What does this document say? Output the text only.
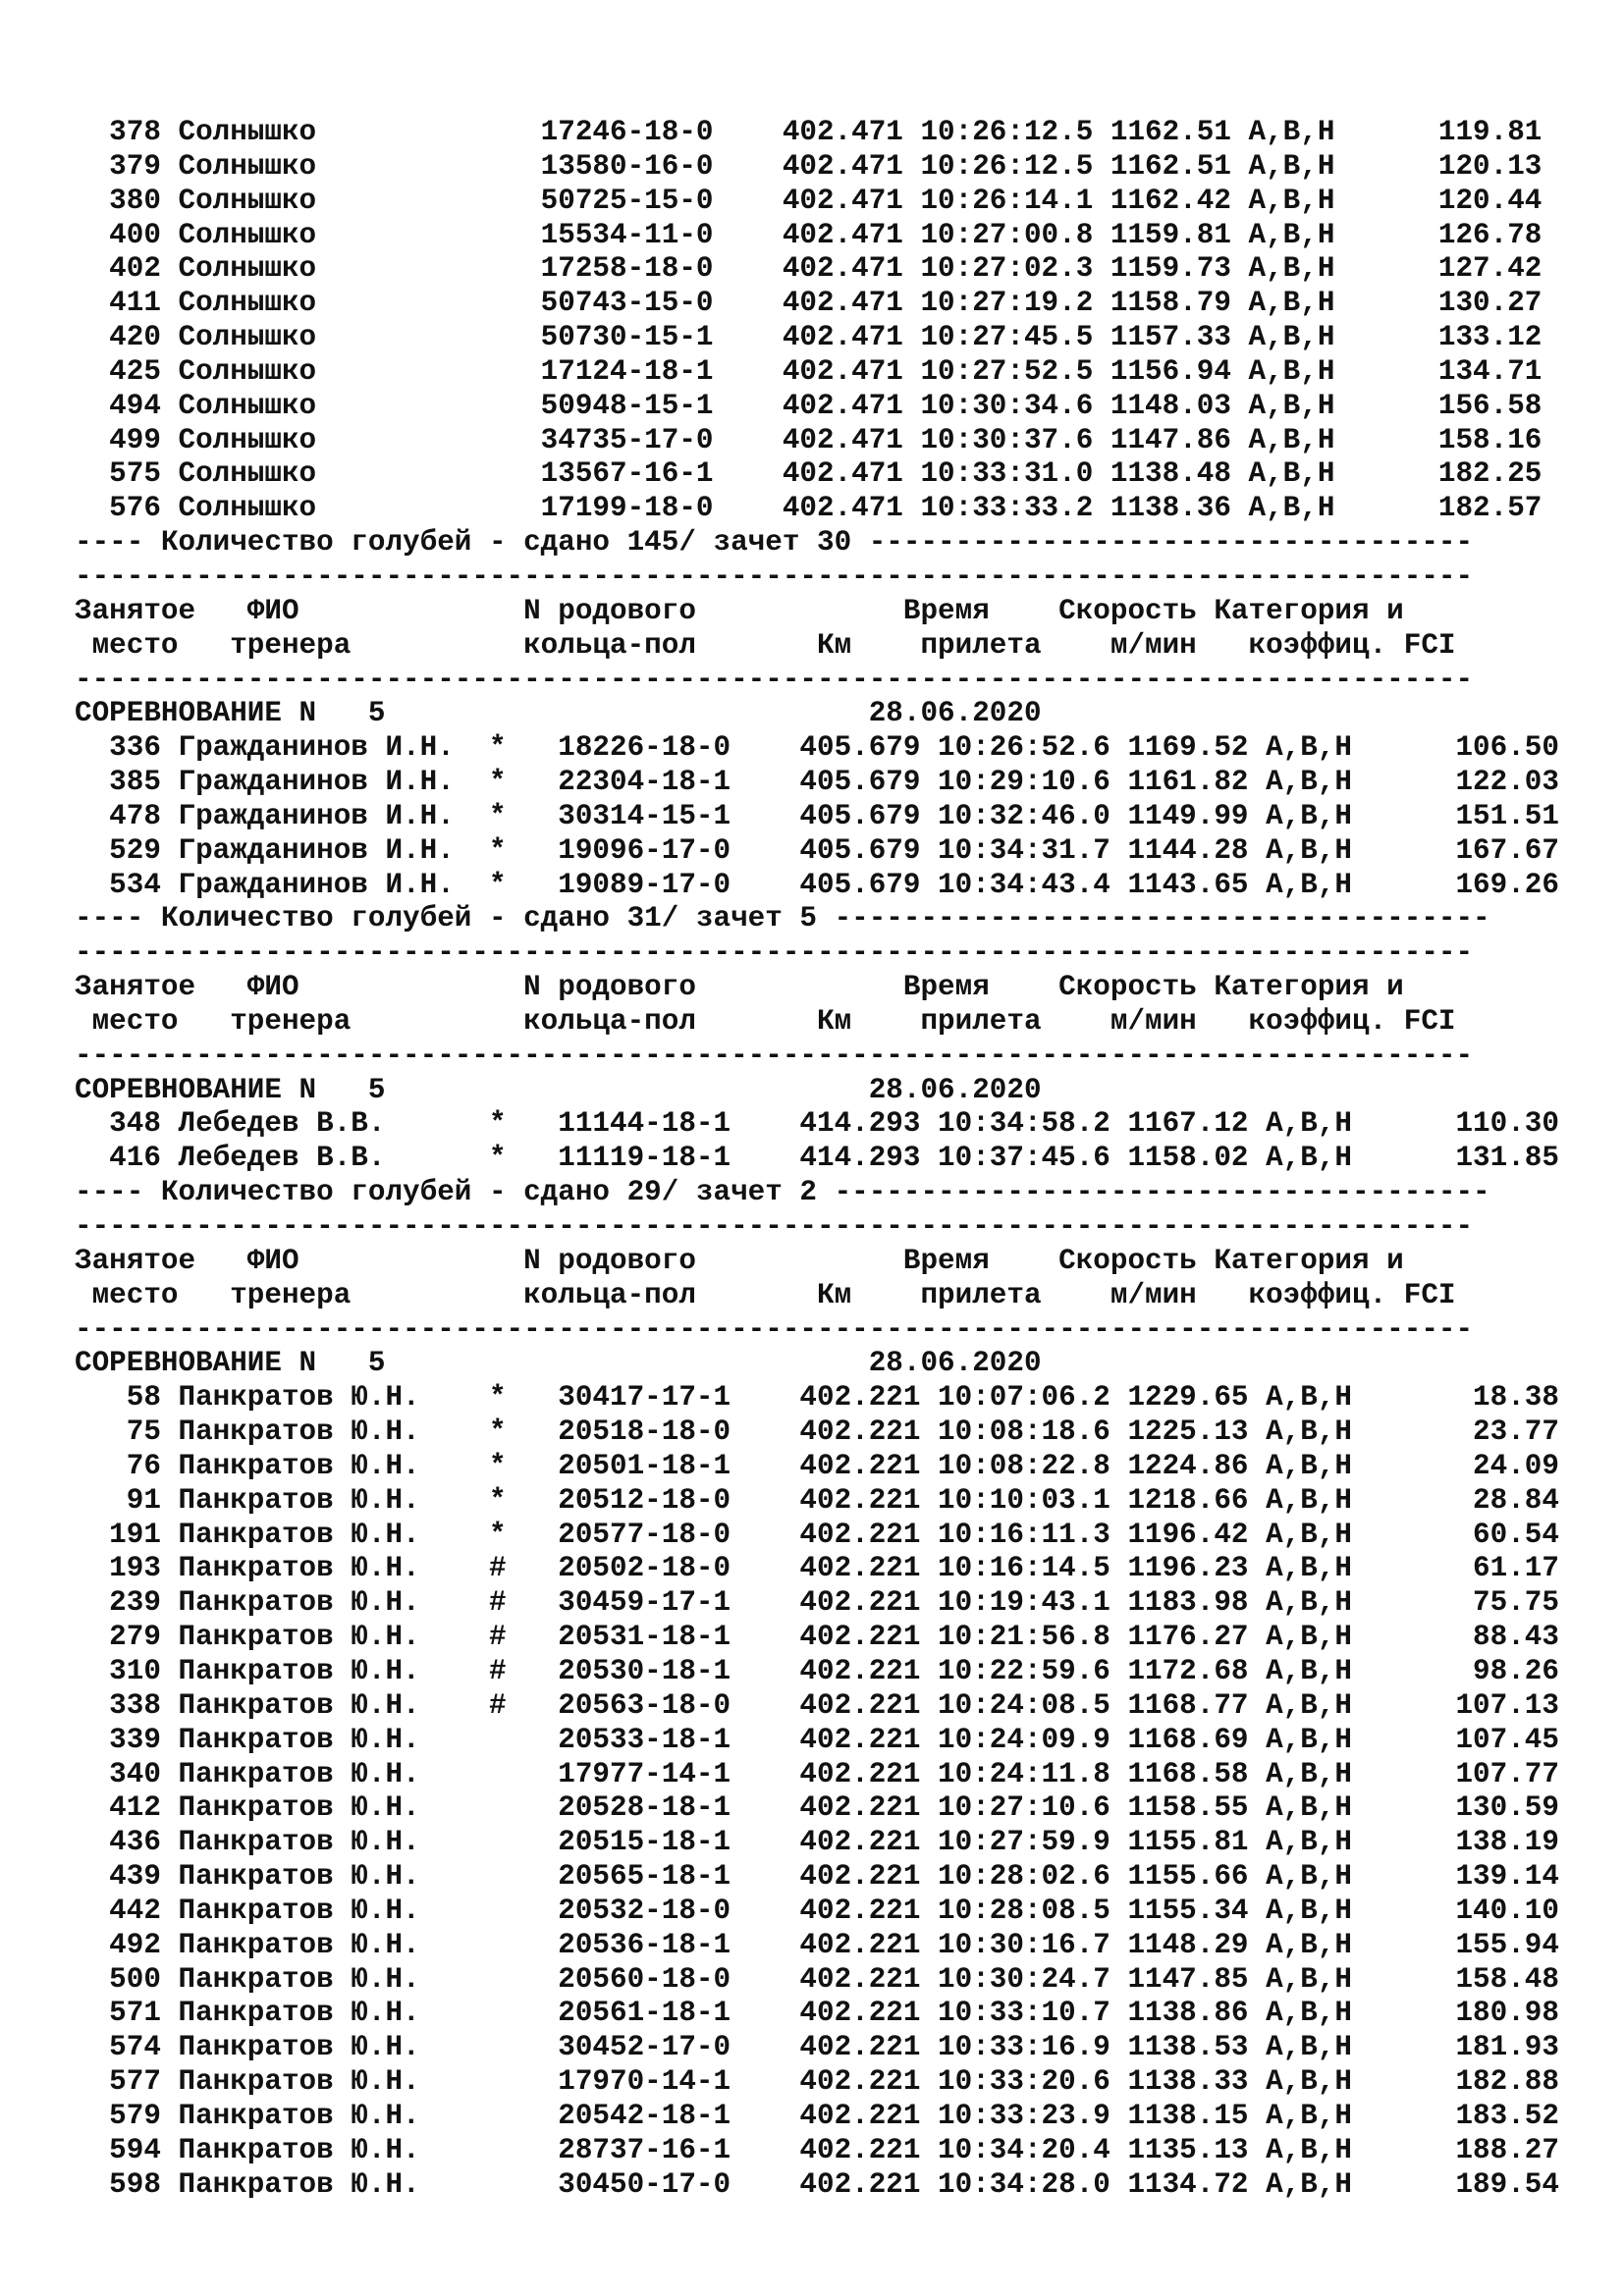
378 Солнышко             17246-18-0    402.471 10:26:12.5 1162.51 А,В,Н      119.81
379 Солнышко             13580-16-0    402.471 10:26:12.5 1162.51 А,В,Н      120.13
380 Солнышко             50725-15-0    402.471 10:26:14.1 1162.42 А,В,Н      120.44
400 Солнышко             15534-11-0    402.471 10:27:00.8 1159.81 А,В,Н      126.78
402 Солнышко             17258-18-0    402.471 10:27:02.3 1159.73 А,В,Н      127.42
411 Солнышко             50743-15-0    402.471 10:27:19.2 1158.79 А,В,Н      130.27
420 Солнышко             50730-15-1    402.471 10:27:45.5 1157.33 А,В,Н      133.12
425 Солнышко             17124-18-1    402.471 10:27:52.5 1156.94 А,В,Н      134.71
494 Солнышко             50948-15-1    402.471 10:30:34.6 1148.03 А,В,Н      156.58
499 Солнышко             34735-17-0    402.471 10:30:37.6 1147.86 А,В,Н      158.16
575 Солнышко             13567-16-1    402.471 10:33:31.0 1138.48 А,В,Н      182.25
576 Солнышко             17199-18-0    402.471 10:33:33.2 1138.36 А,В,Н      182.57
---- Количество голубей - сдано 145/ зачет 30 -----------------------------------
---------------------------------------------------------------------------------
Занятое   ФИО             N родового            Время    Скорость Категория и
место   тренера          кольца-пол       Км    прилета    м/мин   коэффиц. FCI
---------------------------------------------------------------------------------
СОРЕВНОВАНИЕ N   5                            28.06.2020
336 Гражданинов И.Н.  *   18226-18-0    405.679 10:26:52.6 1169.52 А,В,Н      106.50
385 Гражданинов И.Н.  *   22304-18-1    405.679 10:29:10.6 1161.82 А,В,Н      122.03
478 Гражданинов И.Н.  *   30314-15-1    405.679 10:32:46.0 1149.99 А,В,Н      151.51
529 Гражданинов И.Н.  *   19096-17-0    405.679 10:34:31.7 1144.28 А,В,Н      167.67
534 Гражданинов И.Н.  *   19089-17-0    405.679 10:34:43.4 1143.65 А,В,Н      169.26
---- Количество голубей - сдано 31/ зачет 5 --------------------------------------
---------------------------------------------------------------------------------
Занятое   ФИО             N родового            Время    Скорость Категория и
место   тренера          кольца-пол       Км    прилета    м/мин   коэффиц. FCI
---------------------------------------------------------------------------------
СОРЕВНОВАНИЕ N   5                            28.06.2020
348 Лебедев В.В.      *   11144-18-1    414.293 10:34:58.2 1167.12 А,В,Н      110.30
416 Лебедев В.В.      *   11119-18-1    414.293 10:37:45.6 1158.02 А,В,Н      131.85
---- Количество голубей - сдано 29/ зачет 2 --------------------------------------
---------------------------------------------------------------------------------
Занятое   ФИО             N родового            Время    Скорость Категория и
место   тренера          кольца-пол       Км    прилета    м/мин   коэффиц. FCI
---------------------------------------------------------------------------------
СОРЕВНОВАНИЕ N   5                            28.06.2020
58 Панкратов Ю.Н.    *   30417-17-1    402.221 10:07:06.2 1229.65 А,В,Н       18.38
75 Панкратов Ю.Н.    *   20518-18-0    402.221 10:08:18.6 1225.13 А,В,Н       23.77
76 Панкратов Ю.Н.    *   20501-18-1    402.221 10:08:22.8 1224.86 А,В,Н       24.09
91 Панкратов Ю.Н.    *   20512-18-0    402.221 10:10:03.1 1218.66 А,В,Н       28.84
191 Панкратов Ю.Н.    *   20577-18-0    402.221 10:16:11.3 1196.42 А,В,Н       60.54
193 Панкратов Ю.Н.    #   20502-18-0    402.221 10:16:14.5 1196.23 А,В,Н       61.17
239 Панкратов Ю.Н.    #   30459-17-1    402.221 10:19:43.1 1183.98 А,В,Н       75.75
279 Панкратов Ю.Н.    #   20531-18-1    402.221 10:21:56.8 1176.27 А,В,Н       88.43
310 Панкратов Ю.Н.    #   20530-18-1    402.221 10:22:59.6 1172.68 А,В,Н       98.26
338 Панкратов Ю.Н.    #   20563-18-0    402.221 10:24:08.5 1168.77 А,В,Н      107.13
339 Панкратов Ю.Н.        20533-18-1    402.221 10:24:09.9 1168.69 А,В,Н      107.45
340 Панкратов Ю.Н.        17977-14-1    402.221 10:24:11.8 1168.58 А,В,Н      107.77
412 Панкратов Ю.Н.        20528-18-1    402.221 10:27:10.6 1158.55 А,В,Н      130.59
436 Панкратов Ю.Н.        20515-18-1    402.221 10:27:59.9 1155.81 А,В,Н      138.19
439 Панкратов Ю.Н.        20565-18-1    402.221 10:28:02.6 1155.66 А,В,Н      139.14
442 Панкратов Ю.Н.        20532-18-0    402.221 10:28:08.5 1155.34 А,В,Н      140.10
492 Панкратов Ю.Н.        20536-18-1    402.221 10:30:16.7 1148.29 А,В,Н      155.94
500 Панкратов Ю.Н.        20560-18-0    402.221 10:30:24.7 1147.85 А,В,Н      158.48
571 Панкратов Ю.Н.        20561-18-1    402.221 10:33:10.7 1138.86 А,В,Н      180.98
574 Панкратов Ю.Н.        30452-17-0    402.221 10:33:16.9 1138.53 А,В,Н      181.93
577 Панкратов Ю.Н.        17970-14-1    402.221 10:33:20.6 1138.33 А,В,Н      182.88
579 Панкратов Ю.Н.        20542-18-1    402.221 10:33:23.9 1138.15 А,В,Н      183.52
594 Панкратов Ю.Н.        28737-16-1    402.221 10:34:20.4 1135.13 А,В,Н      188.27
598 Панкратов Ю.Н.        30450-17-0    402.221 10:34:28.0 1134.72 А,В,Н      189.54
